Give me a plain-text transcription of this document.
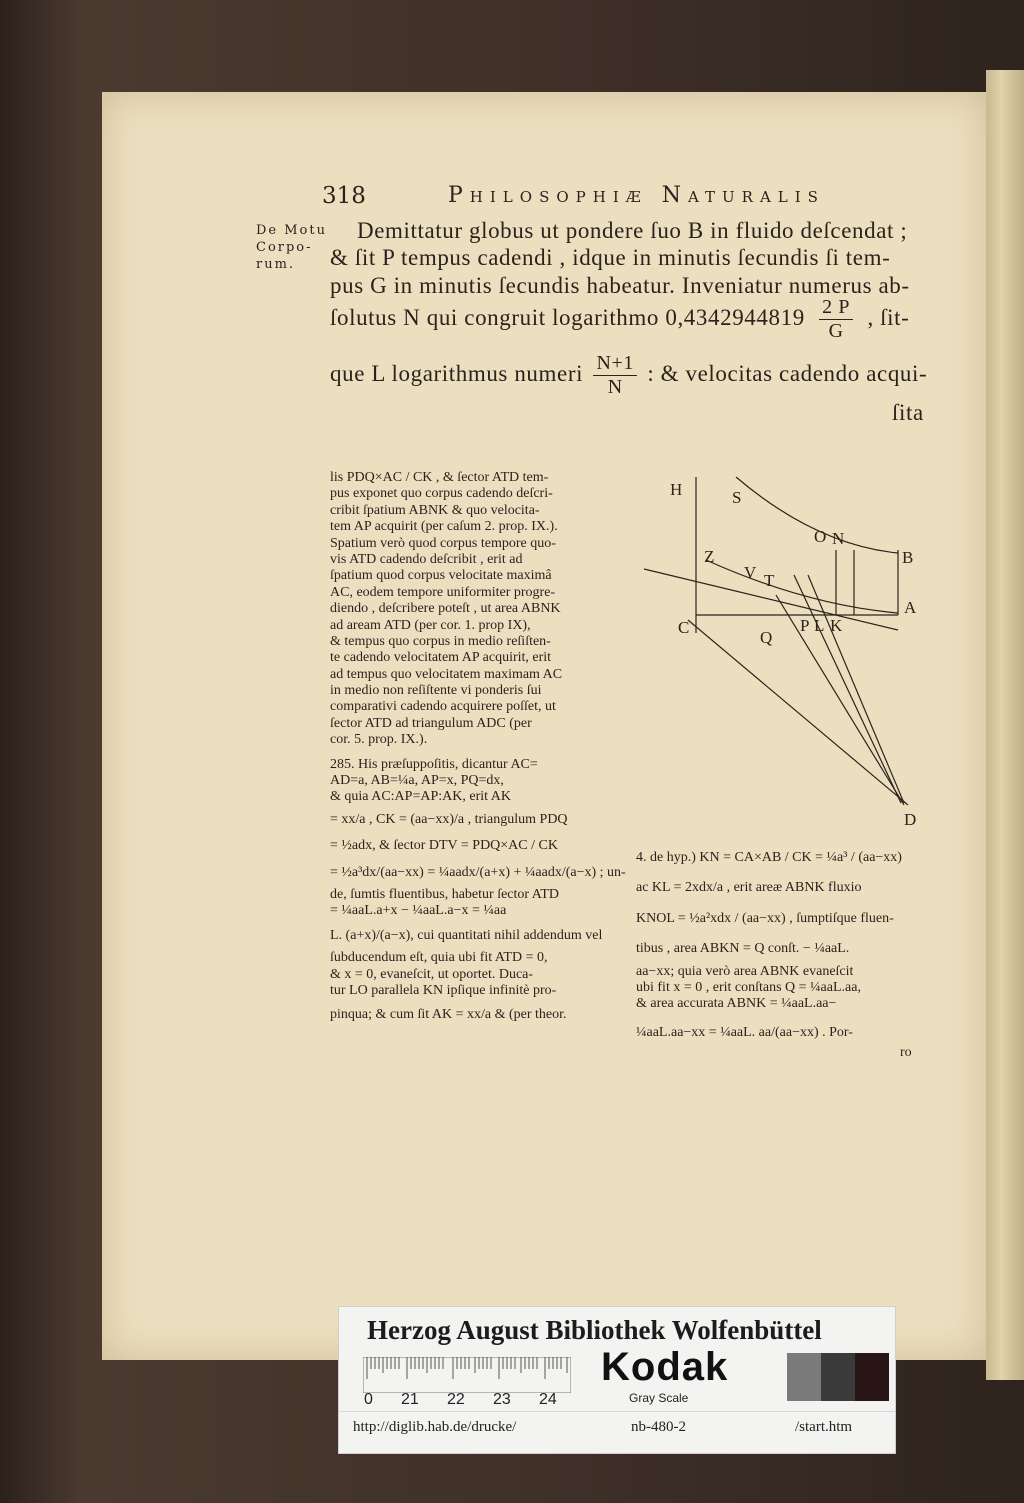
318	Philosophiæ Naturalis
De Motu
Corpo-
rum.
Demittatur globus ut pondere ſuo B in fluido deſcendat ;
& ſit P tempus cadendi , idque in minutis ſecundis ſi tem-
pus G in minutis ſecundis habeatur. Inveniatur numerus ab-
ſolutus N qui congruit logarithmo $0,4342944819 \frac{2 P}{G}$ , ſit-
que L logarithmus numeri $\frac{N+1}{N}$ : & velocitas cadendo acqui-
ſita
lis PDQ×AC / CK , & ſector ATD tem-
pus exponet quo corpus cadendo deſcri-
cribit ſpatium ABNK & quo velocita-
tem AP acquirit (per caſum 2. prop. IX.).
Spatium verò quod corpus tempore quo-
vis ATD cadendo deſcribit , erit ad
ſpatium quod corpus velocitate maximâ
AC, eodem tempore uniformiter progre-
diendo , deſcribere poteſt , ut area ABNK
ad aream ATD (per cor. 1. prop IX),
& tempus quo corpus in medio reſiſten-
te cadendo velocitatem AP acquirit, erit
ad tempus quo velocitatem maximam AC
in medio non reſiſtente vi ponderis ſui
comparativi cadendo acquirere poſſet, ut
ſector ATD ad triangulum ADC (per
cor. 5. prop. IX.).
285. His præſuppoſitis, dicantur AC=
AD=a, AB=¼a, AP=x, PQ=dx,
& quia AC:AP=AP:AK, erit AK
= xx/a , CK = (aa−xx)/a , triangulum PDQ
= ½adx, & ſector DTV = PDQ×AC / CK
= ½a³dx/(aa−xx) = ¼aadx/(a+x) + ¼aadx/(a−x) ; un-
de, ſumtis fluentibus, habetur ſector ATD
= ¼aaL.a+x − ¼aaL.a−x = ¼aa
L. (a+x)/(a−x), cui quantitati nihil addendum vel
ſubducendum eſt, quia ubi fit ATD = 0,
& x = 0, evaneſcit, ut oportet. Duca-
tur LO parallela KN ipſique infinitè pro-
pinqua; & cum ſit AK = xx/a & (per theor.
H	S
O N
B
Z
V T
A
C
Q
P L K
D
4. de hyp.) KN = CA×AB / CK = ¼a³ / (aa−xx)
ac KL = 2xdx/a , erit areæ ABNK fluxio
KNOL = ½a²xdx / (aa−xx) , ſumptiſque fluen-
tibus , area ABKN = Q conſt. − ¼aaL.
aa−xx; quia verò area ABNK evaneſcit
ubi fit x = 0 , erit conſtans Q = ¼aaL.aa,
& area accurata ABNK = ¼aaL.aa−
¼aaL.aa−xx = ¼aaL. aa/(aa−xx) . Por-
ro
Herzog August Bibliothek Wolfenbüttel
0 21 22 23 24
Kodak
Gray Scale
http://diglib.hab.de/drucke/	nb-480-2	/start.htm
